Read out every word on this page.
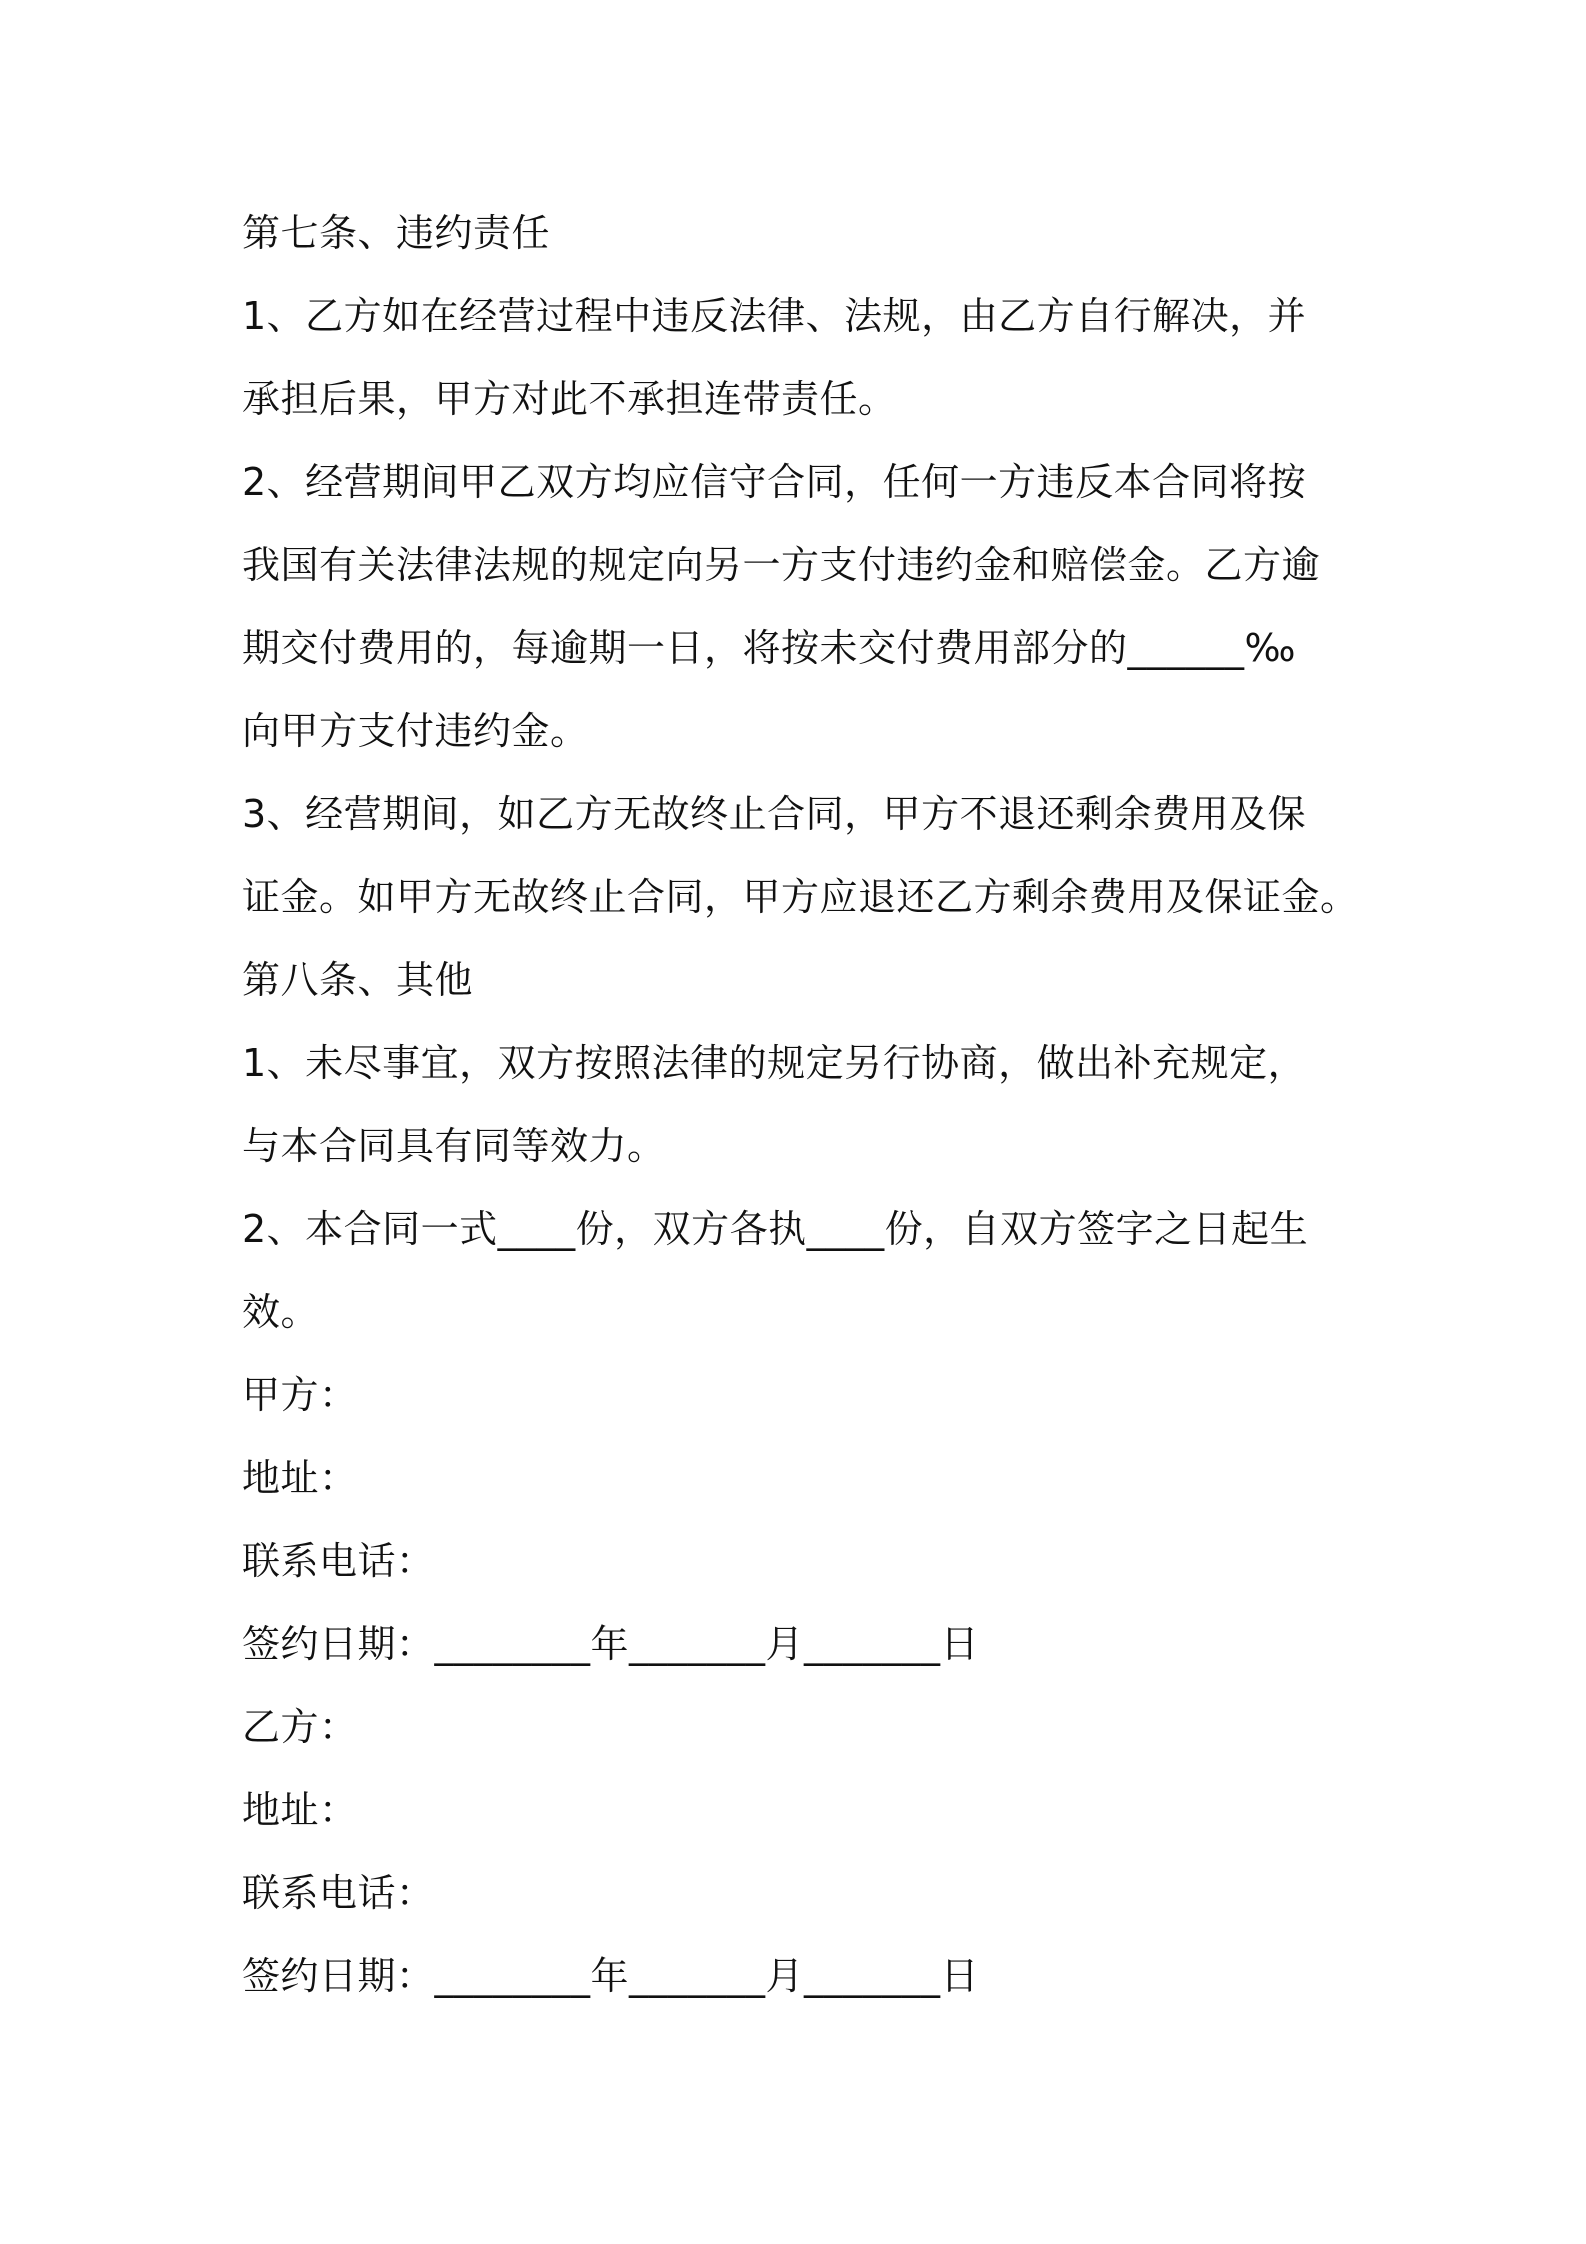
第七条、违约责任
1、乙方如在经营过程中违反法律、法规，由乙方自行解决，并
承担后果，甲方对此不承担连带责任。
2、经营期间甲乙双方均应信守合同，任何一方违反本合同将按
我国有关法律法规的规定向另一方支付违约金和赔偿金。乙方逾
期交付费用的，每逾期一日，将按未交付费用部分的______‰
向甲方支付违约金。
3、经营期间，如乙方无故终止合同，甲方不退还剩余费用及保
证金。如甲方无故终止合同，甲方应退还乙方剩余费用及保证金。
第八条、其他
1、未尽事宜，双方按照法律的规定另行协商，做出补充规定，
与本合同具有同等效力。
2、本合同一式____份，双方各执____份，自双方签字之日起生
效。
甲方：
地址：
联系电话：
签约日期：________年_______月_______日
乙方：
地址：
联系电话：
签约日期：________年_______月_______日
